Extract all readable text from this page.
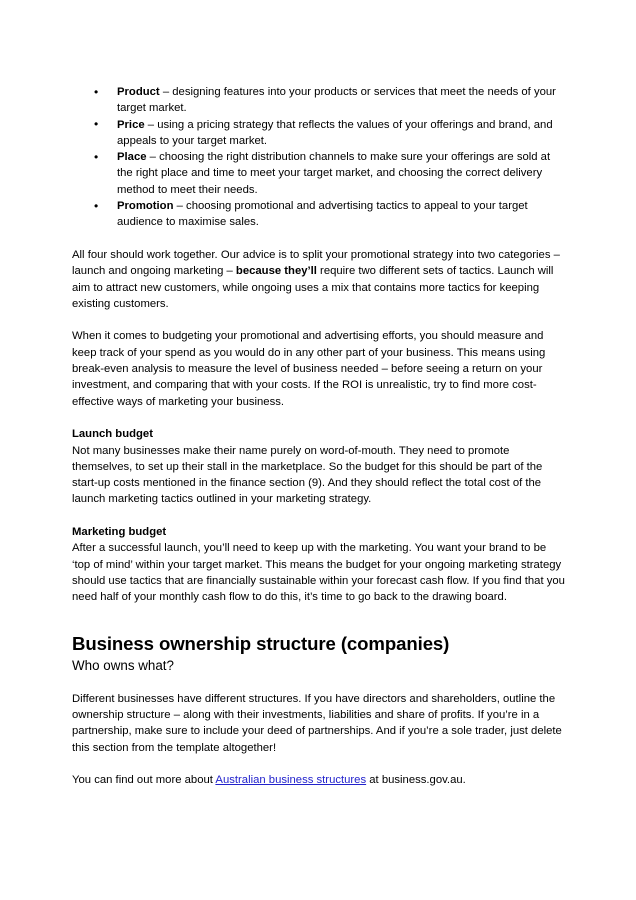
• Product – designing features into your products or services that meet the needs of your target market.
• Price – using a pricing strategy that reflects the values of your offerings and brand, and appeals to your target market.
• Place – choosing the right distribution channels to make sure your offerings are sold at the right place and time to meet your target market, and choosing the correct delivery method to meet their needs.
• Promotion – choosing promotional and advertising tactics to appeal to your target audience to maximise sales.

All four should work together. Our advice is to split your promotional strategy into two categories – launch and ongoing marketing – because they’ll require two different sets of tactics. Launch will aim to attract new customers, while ongoing uses a mix that contains more tactics for keeping existing customers.

When it comes to budgeting your promotional and advertising efforts, you should measure and keep track of your spend as you would do in any other part of your business. This means using break-even analysis to measure the level of business needed – before seeing a return on your investment, and comparing that with your costs. If the ROI is unrealistic, try to find more cost-effective ways of marketing your business.

Launch budget

Not many businesses make their name purely on word-of-mouth. They need to promote themselves, to set up their stall in the marketplace. So the budget for this should be part of the start-up costs mentioned in the finance section (9). And they should reflect the total cost of the launch marketing tactics outlined in your marketing strategy.

Marketing budget

After a successful launch, you’ll need to keep up with the marketing. You want your brand to be ‘top of mind’ within your target market. This means the budget for your ongoing marketing strategy should use tactics that are financially sustainable within your forecast cash flow. If you find that you need half of your monthly cash flow to do this, it’s time to go back to the drawing board.

Business ownership structure (companies)
Who owns what?

Different businesses have different structures. If you have directors and shareholders, outline the ownership structure – along with their investments, liabilities and share of profits. If you’re in a partnership, make sure to include your deed of partnerships. And if you’re a sole trader, just delete this section from the template altogether!

You can find out more about Australian business structures at business.gov.au.
